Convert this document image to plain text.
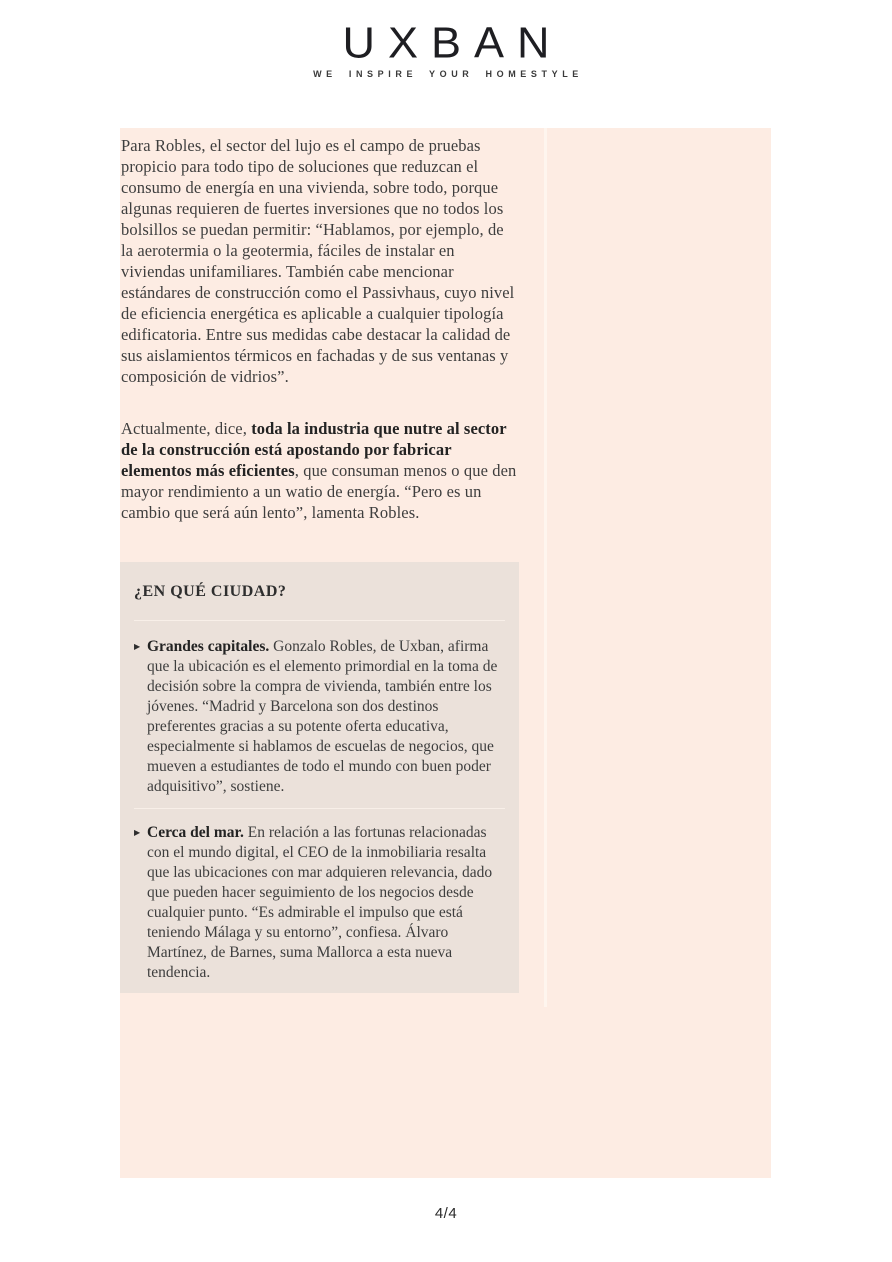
UXBAN
WE INSPIRE YOUR HOMESTYLE

Para Robles, el sector del lujo es el campo de pruebas propicio para todo tipo de soluciones que reduzcan el consumo de energía en una vivienda, sobre todo, porque algunas requieren de fuertes inversiones que no todos los bolsillos se puedan permitir: “Hablamos, por ejemplo, de la aerotermia o la geotermia, fáciles de instalar en viviendas unifamiliares. También cabe mencionar estándares de construcción como el Passivhaus, cuyo nivel de eficiencia energética es aplicable a cualquier tipología edificatoria. Entre sus medidas cabe destacar la calidad de sus aislamientos térmicos en fachadas y de sus ventanas y composición de vidrios”.

Actualmente, dice, toda la industria que nutre al sector de la construcción está apostando por fabricar elementos más eficientes, que consuman menos o que den mayor rendimiento a un watio de energía. “Pero es un cambio que será aún lento”, lamenta Robles.

¿EN QUÉ CIUDAD?
▶ Grandes capitales. Gonzalo Robles, de Uxban, afirma que la ubicación es el elemento primordial en la toma de decisión sobre la compra de vivienda, también entre los jóvenes. “Madrid y Barcelona son dos destinos preferentes gracias a su potente oferta educativa, especialmente si hablamos de escuelas de negocios, que mueven a estudiantes de todo el mundo con buen poder adquisitivo”, sostiene.
▶ Cerca del mar. En relación a las fortunas relacionadas con el mundo digital, el CEO de la inmobiliaria resalta que las ubicaciones con mar adquieren relevancia, dado que pueden hacer seguimiento de los negocios desde cualquier punto. “Es admirable el impulso que está teniendo Málaga y su entorno”, confiesa. Álvaro Martínez, de Barnes, suma Mallorca a esta nueva tendencia.
4/4
